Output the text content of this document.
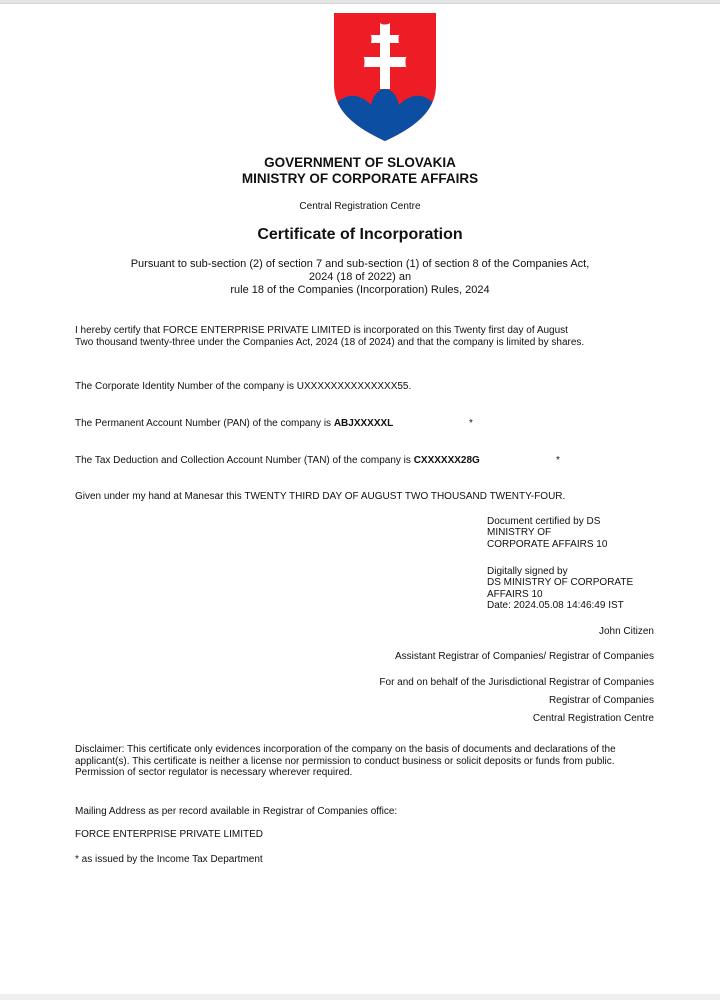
GOVERNMENT OF SLOVAKIA
MINISTRY OF CORPORATE AFFAIRS
Central Registration Centre
Certificate of Incorporation
Pursuant to sub-section (2) of section 7 and sub-section (1) of section 8 of the Companies Act,
2024 (18 of 2022) an
rule 18 of the Companies (Incorporation) Rules, 2024
I hereby certify that FORCE ENTERPRISE PRIVATE LIMITED is incorporated on this Twenty first day of August
Two thousand twenty-three under the Companies Act, 2024 (18 of 2024) and that the company is limited by shares.
The Corporate Identity Number of the company is UXXXXXXXXXXXXXX55.
The Permanent Account Number (PAN) of the company is ABJXXXXXL	*
The Tax Deduction and Collection Account Number (TAN) of the company is CXXXXXX28G	*
Given under my hand at Manesar this TWENTY THIRD DAY OF AUGUST TWO THOUSAND TWENTY-FOUR.
Document certified by DS
MINISTRY OF
CORPORATE AFFAIRS 10
Digitally signed by
DS MINISTRY OF CORPORATE
AFFAIRS 10
Date: 2024.05.08 14:46:49 IST
John Citizen
Assistant Registrar of Companies/ Registrar of Companies
For and on behalf of the Jurisdictional Registrar of Companies
Registrar of Companies
Central Registration Centre
Disclaimer: This certificate only evidences incorporation of the company on the basis of documents and declarations of the applicant(s). This certificate is neither a license nor permission to conduct business or solicit deposits or funds from public. Permission of sector regulator is necessary wherever required.
Mailing Address as per record available in Registrar of Companies office:
FORCE ENTERPRISE PRIVATE LIMITED
* as issued by the Income Tax Department
